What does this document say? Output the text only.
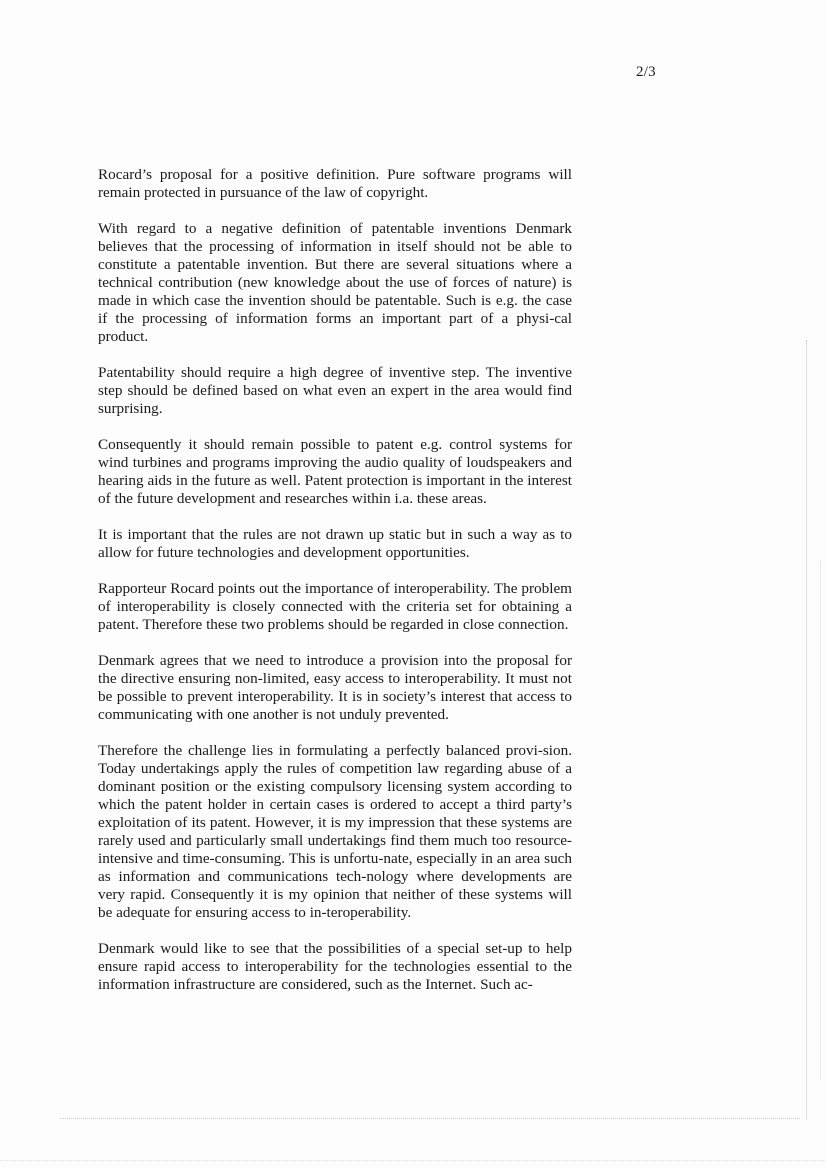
2/3

Rocard’s proposal for a positive definition. Pure software programs will remain protected in pursuance of the law of copyright.

With regard to a negative definition of patentable inventions Denmark believes that the processing of information in itself should not be able to constitute a patentable invention. But there are several situations where a technical contribution (new knowledge about the use of forces of nature) is made in which case the invention should be patentable. Such is e.g. the case if the processing of information forms an important part of a physi-cal product.

Patentability should require a high degree of inventive step. The inventive step should be defined based on what even an expert in the area would find surprising.

Consequently it should remain possible to patent e.g. control systems for wind turbines and programs improving the audio quality of loudspeakers and hearing aids in the future as well. Patent protection is important in the interest of the future development and researches within i.a. these areas.

It is important that the rules are not drawn up static but in such a way as to allow for future technologies and development opportunities.

Rapporteur Rocard points out the importance of interoperability. The problem of interoperability is closely connected with the criteria set for obtaining a patent. Therefore these two problems should be regarded in close connection.

Denmark agrees that we need to introduce a provision into the proposal for the directive ensuring non-limited, easy access to interoperability. It must not be possible to prevent interoperability. It is in society’s interest that access to communicating with one another is not unduly prevented.

Therefore the challenge lies in formulating a perfectly balanced provi-sion. Today undertakings apply the rules of competition law regarding abuse of a dominant position or the existing compulsory licensing system according to which the patent holder in certain cases is ordered to accept a third party’s exploitation of its patent. However, it is my impression that these systems are rarely used and particularly small undertakings find them much too resource-intensive and time-consuming. This is unfortu-nate, especially in an area such as information and communications tech-nology where developments are very rapid. Consequently it is my opinion that neither of these systems will be adequate for ensuring access to in-teroperability.

Denmark would like to see that the possibilities of a special set-up to help ensure rapid access to interoperability for the technologies essential to the information infrastructure are considered, such as the Internet. Such ac-
